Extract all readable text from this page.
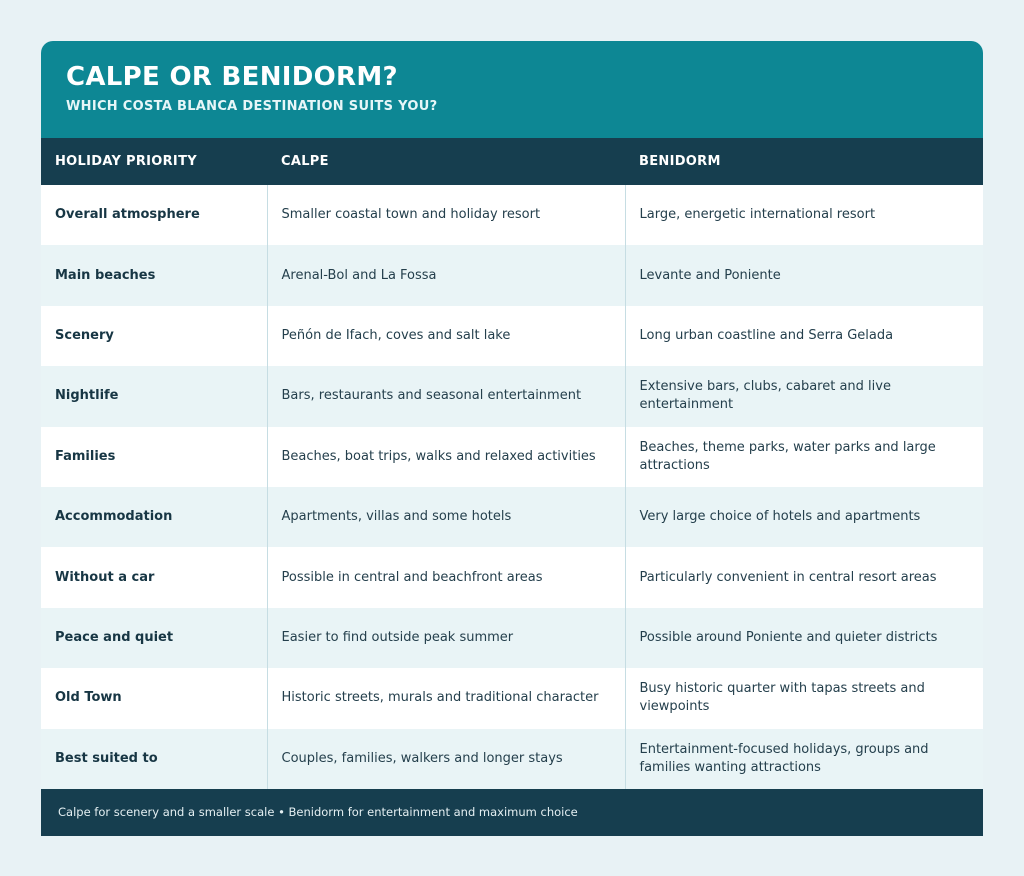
CALPE OR BENIDORM?
WHICH COSTA BLANCA DESTINATION SUITS YOU?
HOLIDAY PRIORITY	CALPE	BENIDORM
Overall atmosphere	Smaller coastal town and holiday resort	Large, energetic international resort
Main beaches	Arenal-Bol and La Fossa	Levante and Poniente
Scenery	Peñón de Ifach, coves and salt lake	Long urban coastline and Serra Gelada
Nightlife	Bars, restaurants and seasonal entertainment	Extensive bars, clubs, cabaret and live entertainment
Families	Beaches, boat trips, walks and relaxed activities	Beaches, theme parks, water parks and large attractions
Accommodation	Apartments, villas and some hotels	Very large choice of hotels and apartments
Without a car	Possible in central and beachfront areas	Particularly convenient in central resort areas
Peace and quiet	Easier to find outside peak summer	Possible around Poniente and quieter districts
Old Town	Historic streets, murals and traditional character	Busy historic quarter with tapas streets and viewpoints
Best suited to	Couples, families, walkers and longer stays	Entertainment-focused holidays, groups and families wanting attractions
Calpe for scenery and a smaller scale • Benidorm for entertainment and maximum choice
